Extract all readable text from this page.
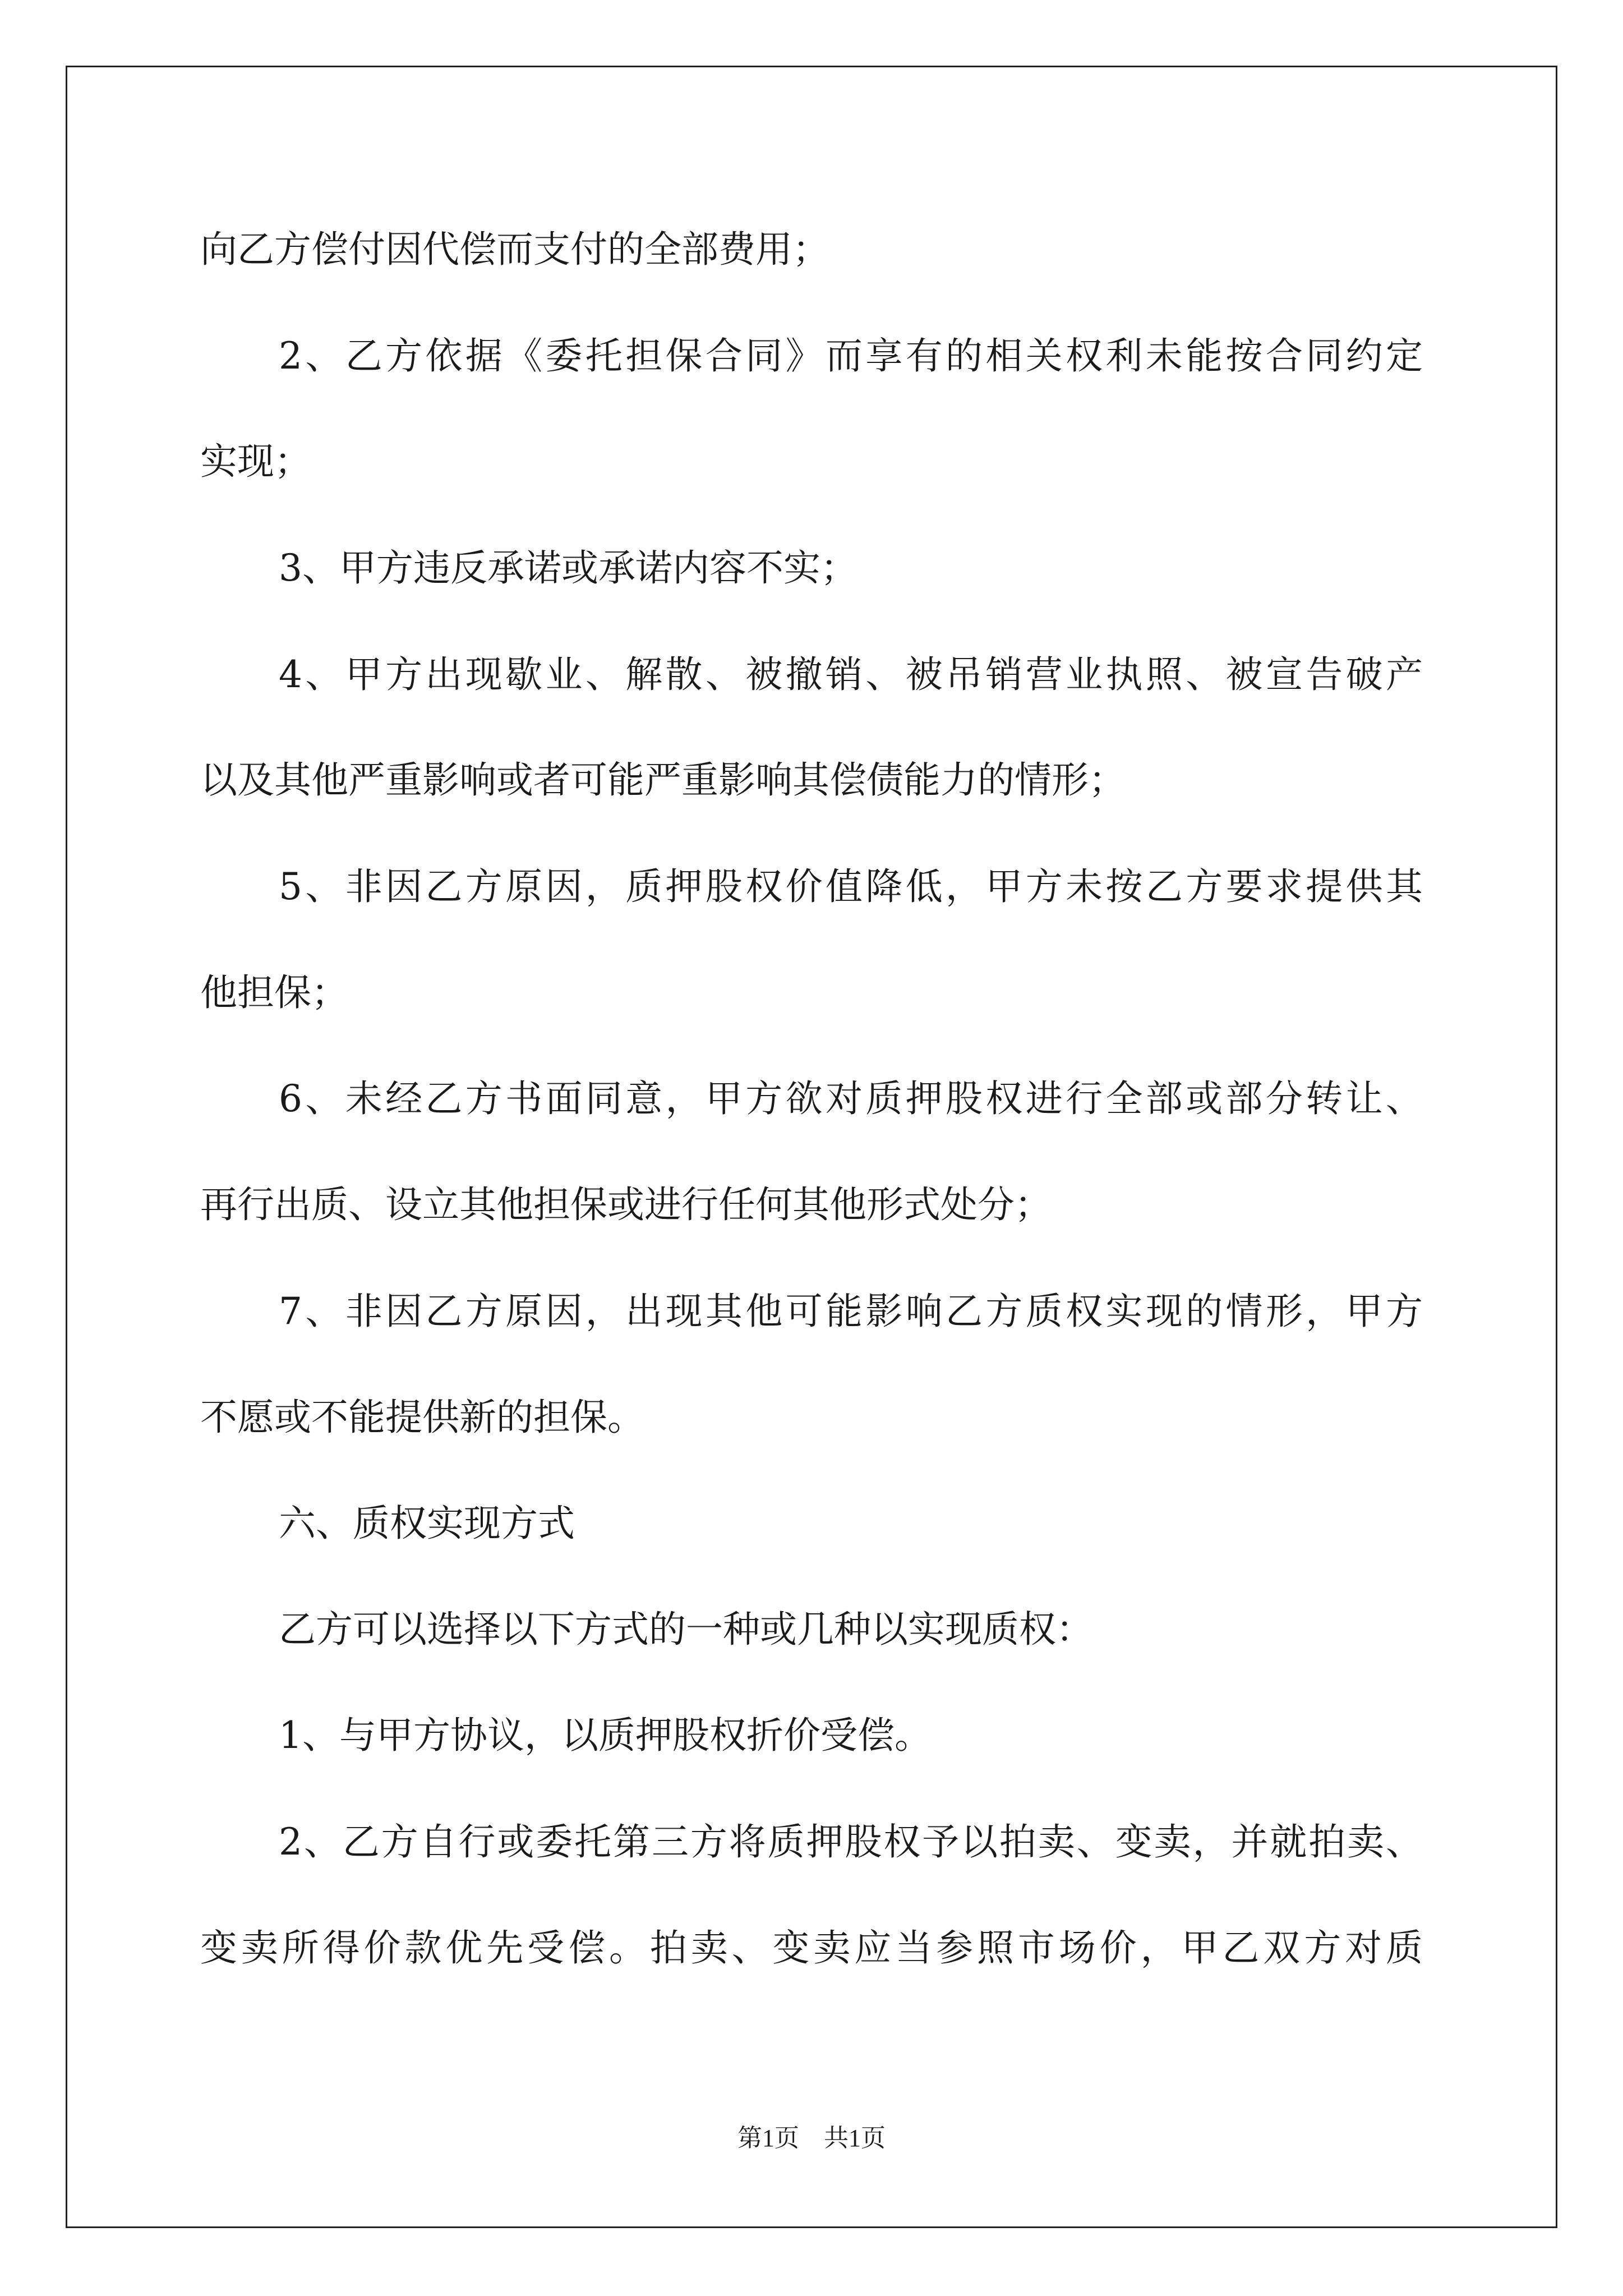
向乙方偿付因代偿而支付的全部费用；

2、乙方依据《委托担保合同》而享有的相关权利未能按合同约定

实现；

3、甲方违反承诺或承诺内容不实；

4、甲方出现歇业、解散、被撤销、被吊销营业执照、被宣告破产

以及其他严重影响或者可能严重影响其偿债能力的情形；

5、非因乙方原因，质押股权价值降低，甲方未按乙方要求提供其

他担保；

6、未经乙方书面同意，甲方欲对质押股权进行全部或部分转让、

再行出质、设立其他担保或进行任何其他形式处分；

7、非因乙方原因，出现其他可能影响乙方质权实现的情形，甲方

不愿或不能提供新的担保。

六、质权实现方式

乙方可以选择以下方式的一种或几种以实现质权：

1、与甲方协议，以质押股权折价受偿。

2、乙方自行或委托第三方将质押股权予以拍卖、变卖，并就拍卖、

变卖所得价款优先受偿。拍卖、变卖应当参照市场价，甲乙双方对质

第1页　共1页
